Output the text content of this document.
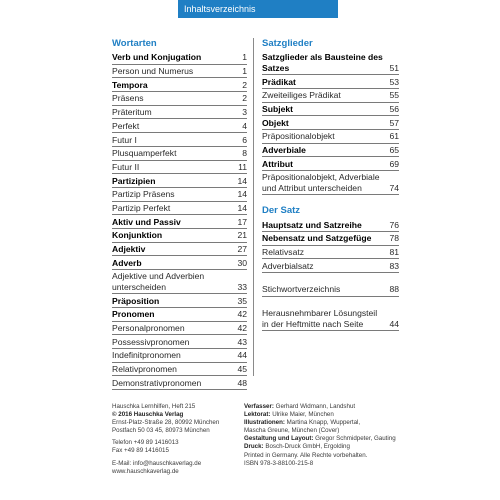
Inhaltsverzeichnis
Wortarten
Verb und Konjugation	1
Person und Numerus	1
Tempora	2
Präsens	2
Präteritum	3
Perfekt	4
Futur I	6
Plusquamperfekt	8
Futur II	11
Partizipien	14
Partizip Präsens	14
Partizip Perfekt	14
Aktiv und Passiv	17
Konjunktion	21
Adjektiv	27
Adverb	30
Adjektive und Adverbien unterscheiden	33
Präposition	35
Pronomen	42
Personalpronomen	42
Possessivpronomen	43
Indefinitpronomen	44
Relativpronomen	45
Demonstrativpronomen	48
Satzglieder
Satzglieder als Bausteine des Satzes	51
Prädikat	53
Zweiteiliges Prädikat	55
Subjekt	56
Objekt	57
Präpositionalobjekt	61
Adverbiale	65
Attribut	69
Präpositionalobjekt, Adverbiale und Attribut unterscheiden	74
Der Satz
Hauptsatz und Satzreihe	76
Nebensatz und Satzgefüge	78
Relativsatz	81
Adverbialsatz	83
Stichwortverzeichnis	88
Herausnehmbarer Lösungsteil in der Heftmitte nach Seite	44
Hauschka Lernhilfen, Heft 215
© 2016 Hauschka Verlag
Ernst-Platz-Straße 28, 80992 München
Postfach 50 03 45, 80973 München
Telefon +49 89 1416013
Fax +49 89 1416015
E-Mail: info@hauschkaverlag.de
www.hauschkaverlag.de
Verfasser: Gerhard Widmann, Landshut
Lektorat: Ulrike Maier, München
Illustrationen: Martina Knapp, Wuppertal,
Mascha Greune, München (Cover)
Gestaltung und Layout: Gregor Schmidpeter, Gauting
Druck: Bosch-Druck GmbH, Ergolding
Printed in Germany. Alle Rechte vorbehalten.
ISBN 978-3-88100-215-8
